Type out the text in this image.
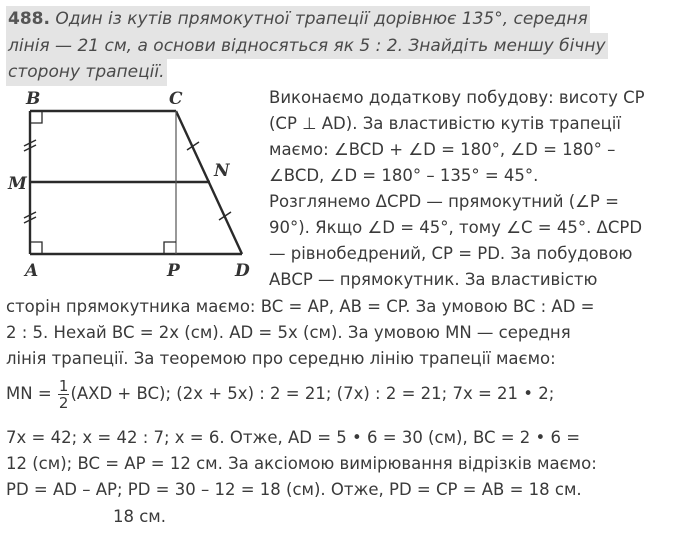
488. Один із кутів прямокутної трапеції дорівнює 135°, середня
лінія — 21 см, а основи відносяться як 5 : 2. Знайдіть меншу бічну
сторону трапеції.
B	C
M
N
A	P	D
Виконаємо додаткову побудову: висоту CP
(CP ⊥ AD). За властивістю кутів трапеції
маємо: ∠BCD + ∠D = 180°, ∠D = 180° –
∠BCD, ∠D = 180° – 135° = 45°.
Розглянемо ΔCPD — прямокутний (∠P =
90°). Якщо ∠D = 45°, тому ∠C = 45°. ΔCPD
— рівнобедрений, CP = PD. За побудовою
ABCP — прямокутник. За властивістю
сторін прямокутника маємо: BC = AP, AB = CP. За умовою BC : AD =
2 : 5. Нехай BC = 2x (см). AD = 5x (см). За умовою MN — середня
лінія трапеції. За теоремою про середню лінію трапеції маємо:
MN = $\frac{1}{2} (AXD + BC)$; (2x + 5x) : 2 = 21; (7x) : 2 = 21; 7x = 21 • 2;
7x = 42; x = 42 : 7; x = 6. Отже, AD = 5 • 6 = 30 (см), BC = 2 • 6 =
12 (см); BC = AP = 12 см. За аксіомою вимірювання відрізків маємо:
PD = AD – AP; PD = 30 – 12 = 18 (см). Отже, PD = CP = AB = 18 см.
18 см.
